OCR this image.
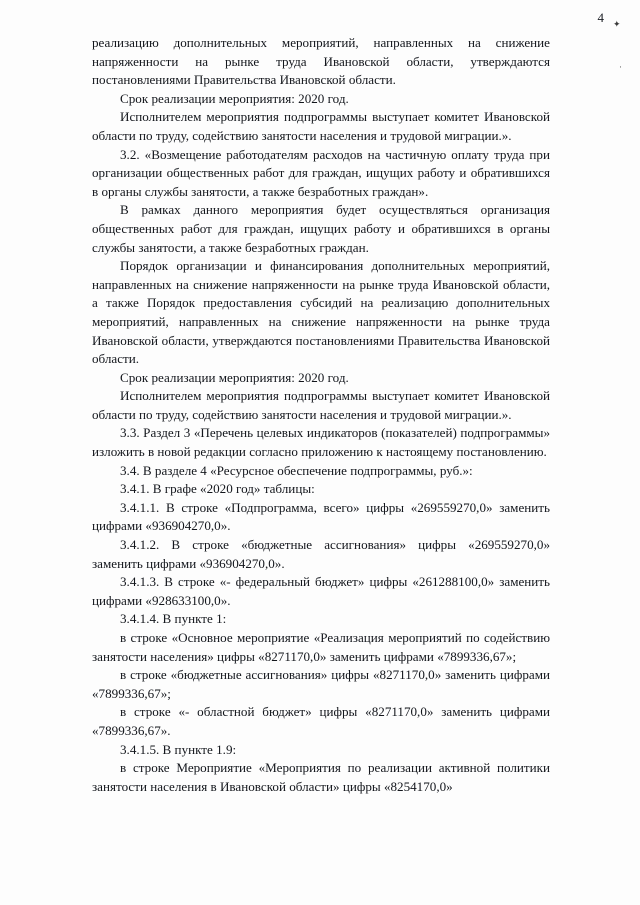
4 ✦
·

реализацию дополнительных мероприятий, направленных на снижение напряженности на рынке труда Ивановской области, утверждаются постановлениями Правительства Ивановской области.

Срок реализации мероприятия: 2020 год.

Исполнителем мероприятия подпрограммы выступает комитет Ивановской области по труду, содействию занятости населения и трудовой миграции.».

3.2. «Возмещение работодателям расходов на частичную оплату труда при организации общественных работ для граждан, ищущих работу и обратившихся в органы службы занятости, а также безработных граждан».

В рамках данного мероприятия будет осуществляться организация общественных работ для граждан, ищущих работу и обратившихся в органы службы занятости, а также безработных граждан.

Порядок организации и финансирования дополнительных мероприятий, направленных на снижение напряженности на рынке труда Ивановской области, а также Порядок предоставления субсидий на реализацию дополнительных мероприятий, направленных на снижение напряженности на рынке труда Ивановской области, утверждаются постановлениями Правительства Ивановской области.

Срок реализации мероприятия: 2020 год.

Исполнителем мероприятия подпрограммы выступает комитет Ивановской области по труду, содействию занятости населения и трудовой миграции.».

3.3. Раздел 3 «Перечень целевых индикаторов (показателей) подпрограммы» изложить в новой редакции согласно приложению к настоящему постановлению.

3.4. В разделе 4 «Ресурсное обеспечение подпрограммы, руб.»:

3.4.1. В графе «2020 год» таблицы:

3.4.1.1. В строке «Подпрограмма, всего» цифры «269559270,0» заменить цифрами «936904270,0».

3.4.1.2. В строке «бюджетные ассигнования» цифры «269559270,0» заменить цифрами «936904270,0».

3.4.1.3. В строке «- федеральный бюджет» цифры «261288100,0» заменить цифрами «928633100,0».

3.4.1.4. В пункте 1:

в строке «Основное мероприятие «Реализация мероприятий по содействию занятости населения» цифры «8271170,0» заменить цифрами «7899336,67»;

в строке «бюджетные ассигнования» цифры «8271170,0» заменить цифрами «7899336,67»;

в строке «- областной бюджет» цифры «8271170,0» заменить цифрами «7899336,67».

3.4.1.5. В пункте 1.9:

в строке Мероприятие «Мероприятия по реализации активной политики занятости населения в Ивановской области» цифры «8254170,0»
